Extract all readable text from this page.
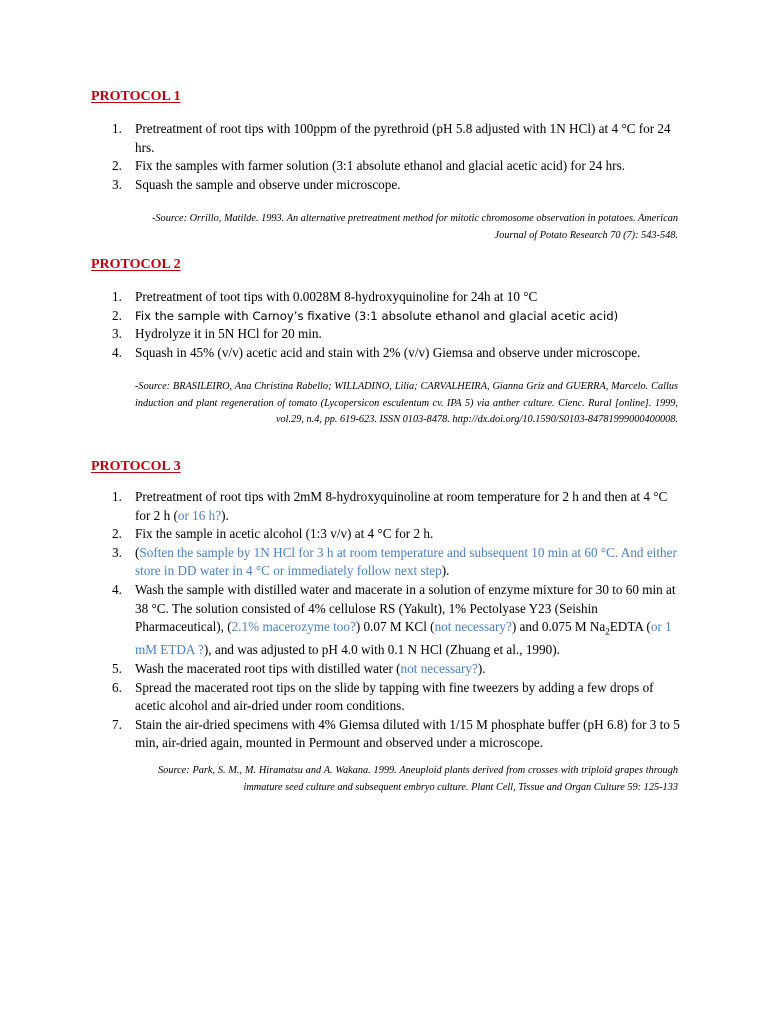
PROTOCOL 1
1. Pretreatment of root tips with 100ppm of the pyrethroid (pH 5.8 adjusted with 1N HCl) at 4 °C for 24 hrs.
2. Fix the samples with farmer solution (3:1 absolute ethanol and glacial acetic acid) for 24 hrs.
3. Squash the sample and observe under microscope.
-Source: Orrillo, Matilde. 1993. An alternative pretreatment method for mitotic chromosome observation in potatoes. American Journal of Potato Research 70 (7): 543-548.
PROTOCOL 2
1. Pretreatment of toot tips with 0.0028M 8-hydroxyquinoline for 24h at 10 °C
2. Fix the sample with Carnoy’s fixative (3:1 absolute ethanol and glacial acetic acid)
3. Hydrolyze it in 5N HCl for 20 min.
4. Squash in 45% (v/v) acetic acid and stain with 2% (v/v) Giemsa and observe under microscope.
-Source: BRASILEIRO, Ana Christina Rabello; WILLADINO, Lilia; CARVALHEIRA, Gianna Griz and GUERRA, Marcelo. Callus induction and plant regeneration of tomato (Lycopersicon esculentum cv. IPA 5) via anther culture. Cienc. Rural [online]. 1999, vol.29, n.4, pp. 619-623. ISSN 0103-8478. http://dx.doi.org/10.1590/S0103-84781999000400008.
PROTOCOL 3
1. Pretreatment of root tips with 2mM 8-hydroxyquinoline at room temperature for 2 h and then at 4 °C for 2 h (or 16 h?).
2. Fix the sample in acetic alcohol (1:3 v/v) at 4 °C for 2 h.
3. (Soften the sample by 1N HCl for 3 h at room temperature and subsequent 10 min at 60 °C. And either store in DD water in 4 °C or immediately follow next step).
4. Wash the sample with distilled water and macerate in a solution of enzyme mixture for 30 to 60 min at 38 °C. The solution consisted of 4% cellulose RS (Yakult), 1% Pectolyase Y23 (Seishin Pharmaceutical), (2.1% macerozyme too?) 0.07 M KCl (not necessary?) and 0.075 M $Na_2EDTA$ (or 1 mM ETDA ?), and was adjusted to pH 4.0 with 0.1 N HCl (Zhuang et al., 1990).
5. Wash the macerated root tips with distilled water (not necessary?).
6. Spread the macerated root tips on the slide by tapping with fine tweezers by adding a few drops of acetic alcohol and air-dried under room conditions.
7. Stain the air-dried specimens with 4% Giemsa diluted with 1/15 M phosphate buffer (pH 6.8) for 3 to 5 min, air-dried again, mounted in Permount and observed under a microscope.
Source: Park, S. M., M. Hiramatsu and A. Wakana. 1999. Aneuploid plants derived from crosses with triploid grapes through immature seed culture and subsequent embryo culture. Plant Cell, Tissue and Organ Culture 59: 125-133
